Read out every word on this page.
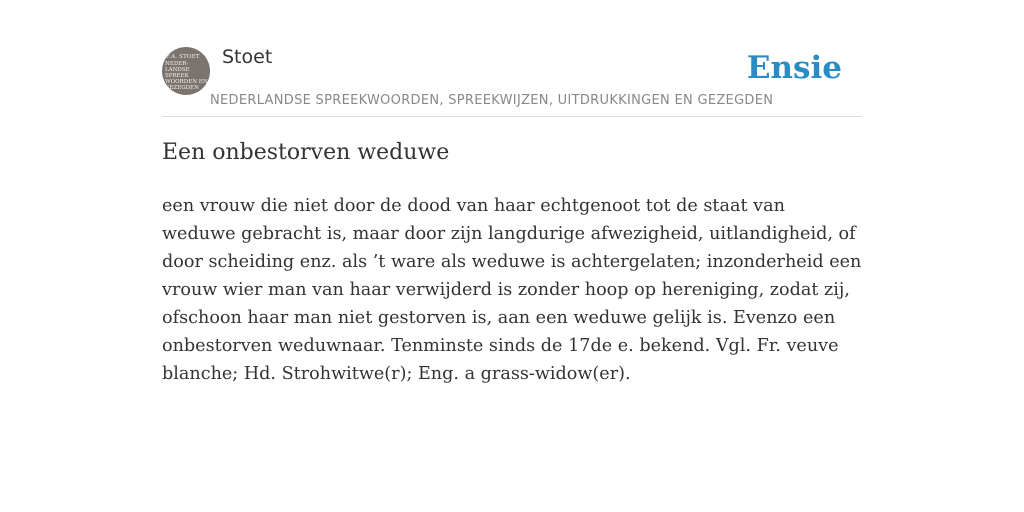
F.A. STOET
NEDER-
LANDSE
SPREEK
WOORDEN EN
GEZEGDEN
Stoet	Ensie
NEDERLANDSE SPREEKWOORDEN, SPREEKWIJZEN, UITDRUKKINGEN EN GEZEGDEN
Een onbestorven weduwe

een vrouw die niet door de dood van haar echtgenoot tot de staat van weduwe gebracht is, maar door zijn langdurige afwezigheid, uitlandigheid, of door scheiding enz. als ’t ware als weduwe is achtergelaten; inzonderheid een vrouw wier man van haar verwijderd is zonder hoop op hereniging, zodat zij, ofschoon haar man niet gestorven is, aan een weduwe gelijk is. Evenzo een onbestorven weduwnaar. Tenminste sinds de 17de e. bekend. Vgl. Fr. veuve blanche; Hd. Strohwitwe(r); Eng. a grass-widow(er).
